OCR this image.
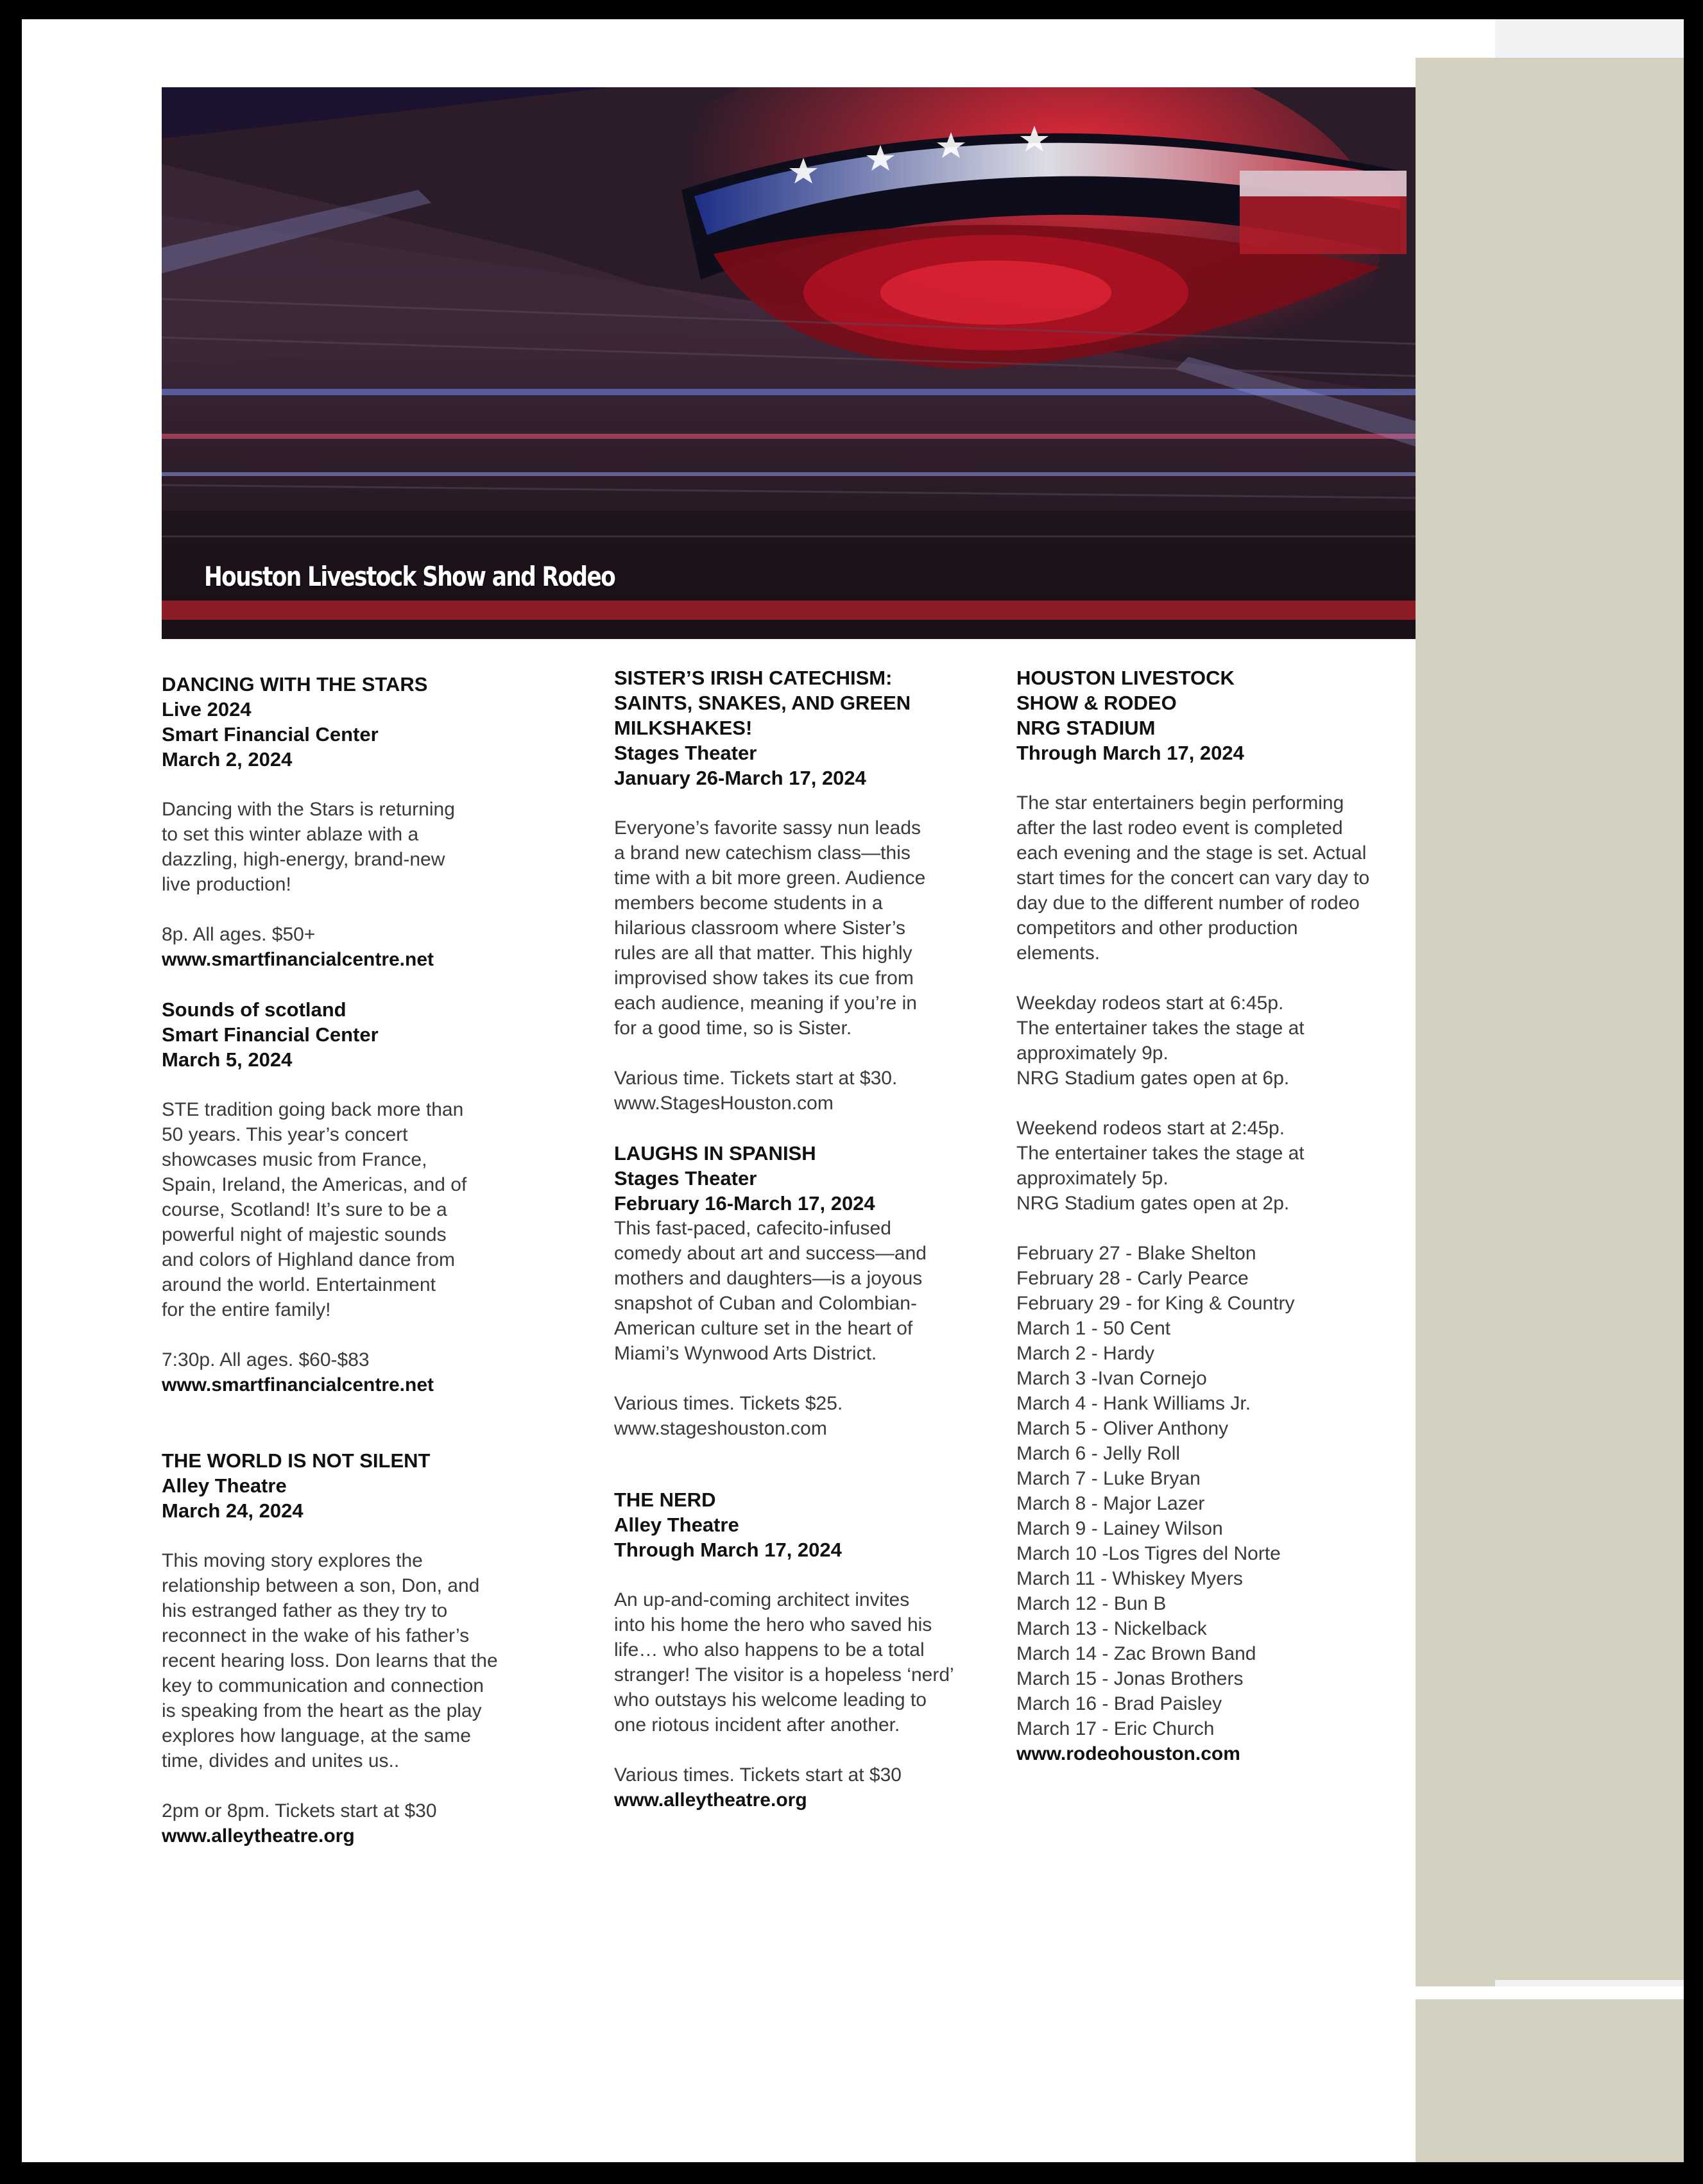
Houston Livestock Show and Rodeo

DANCING WITH THE STARS

Live 2024

Smart Financial Center

March 2, 2024

Dancing with the Stars is returning

to set this winter ablaze with a

dazzling, high-energy, brand-new

live production!

8p. All ages. $50+

www.smartfinancialcentre.net

Sounds of scotland

Smart Financial Center

March 5, 2024

STE tradition going back more than

50 years. This year’s concert

showcases music from France,

Spain, Ireland, the Americas, and of

course, Scotland! It’s sure to be a

powerful night of majestic sounds

and colors of Highland dance from

around the world. Entertainment

for the entire family!

7:30p. All ages. $60-$83

www.smartfinancialcentre.net

THE WORLD IS NOT SILENT

Alley Theatre

March 24, 2024

This moving story explores the

relationship between a son, Don, and

his estranged father as they try to

reconnect in the wake of his father’s

recent hearing loss. Don learns that the

key to communication and connection

is speaking from the heart as the play

explores how language, at the same

time, divides and unites us..

2pm or 8pm. Tickets start at $30

www.alleytheatre.org

SISTER’S IRISH CATECHISM:

SAINTS, SNAKES, AND GREEN

MILKSHAKES!

Stages Theater

January 26-March 17, 2024

Everyone’s favorite sassy nun leads

a brand new catechism class—this

time with a bit more green. Audience

members become students in a

hilarious classroom where Sister’s

rules are all that matter. This highly

improvised show takes its cue from

each audience, meaning if you’re in

for a good time, so is Sister.

Various time. Tickets start at $30.

www.StagesHouston.com

LAUGHS IN SPANISH

Stages Theater

February 16-March 17, 2024

This fast-paced, cafecito-infused

comedy about art and success—and

mothers and daughters—is a joyous

snapshot of Cuban and Colombian-

American culture set in the heart of

Miami’s Wynwood Arts District.

Various times. Tickets $25.

www.stageshouston.com

THE NERD

Alley Theatre

Through March 17, 2024

An up-and-coming architect invites

into his home the hero who saved his

life… who also happens to be a total

stranger! The visitor is a hopeless ‘nerd’

who outstays his welcome leading to

one riotous incident after another.

Various times. Tickets start at $30

www.alleytheatre.org

HOUSTON LIVESTOCK

SHOW & RODEO

NRG STADIUM

Through March 17, 2024

The star entertainers begin performing

after the last rodeo event is completed

each evening and the stage is set. Actual

start times for the concert can vary day to

day due to the different number of rodeo

competitors and other production

elements.

Weekday rodeos start at 6:45p.

The entertainer takes the stage at

approximately 9p.

NRG Stadium gates open at 6p.

Weekend rodeos start at 2:45p.

The entertainer takes the stage at

approximately 5p.

NRG Stadium gates open at 2p.

February 27 - Blake Shelton

February 28 - Carly Pearce

February 29 - for King & Country

March 1 - 50 Cent

March 2 - Hardy

March 3 -Ivan Cornejo

March 4 - Hank Williams Jr.

March 5 - Oliver Anthony

March 6 - Jelly Roll

March 7 - Luke Bryan

March 8 - Major Lazer

March 9 - Lainey Wilson

March 10 -Los Tigres del Norte

March 11 - Whiskey Myers

March 12 - Bun B

March 13 - Nickelback

March 14 - Zac Brown Band

March 15 - Jonas Brothers

March 16 - Brad Paisley

March 17 - Eric Church

www.rodeohouston.com
